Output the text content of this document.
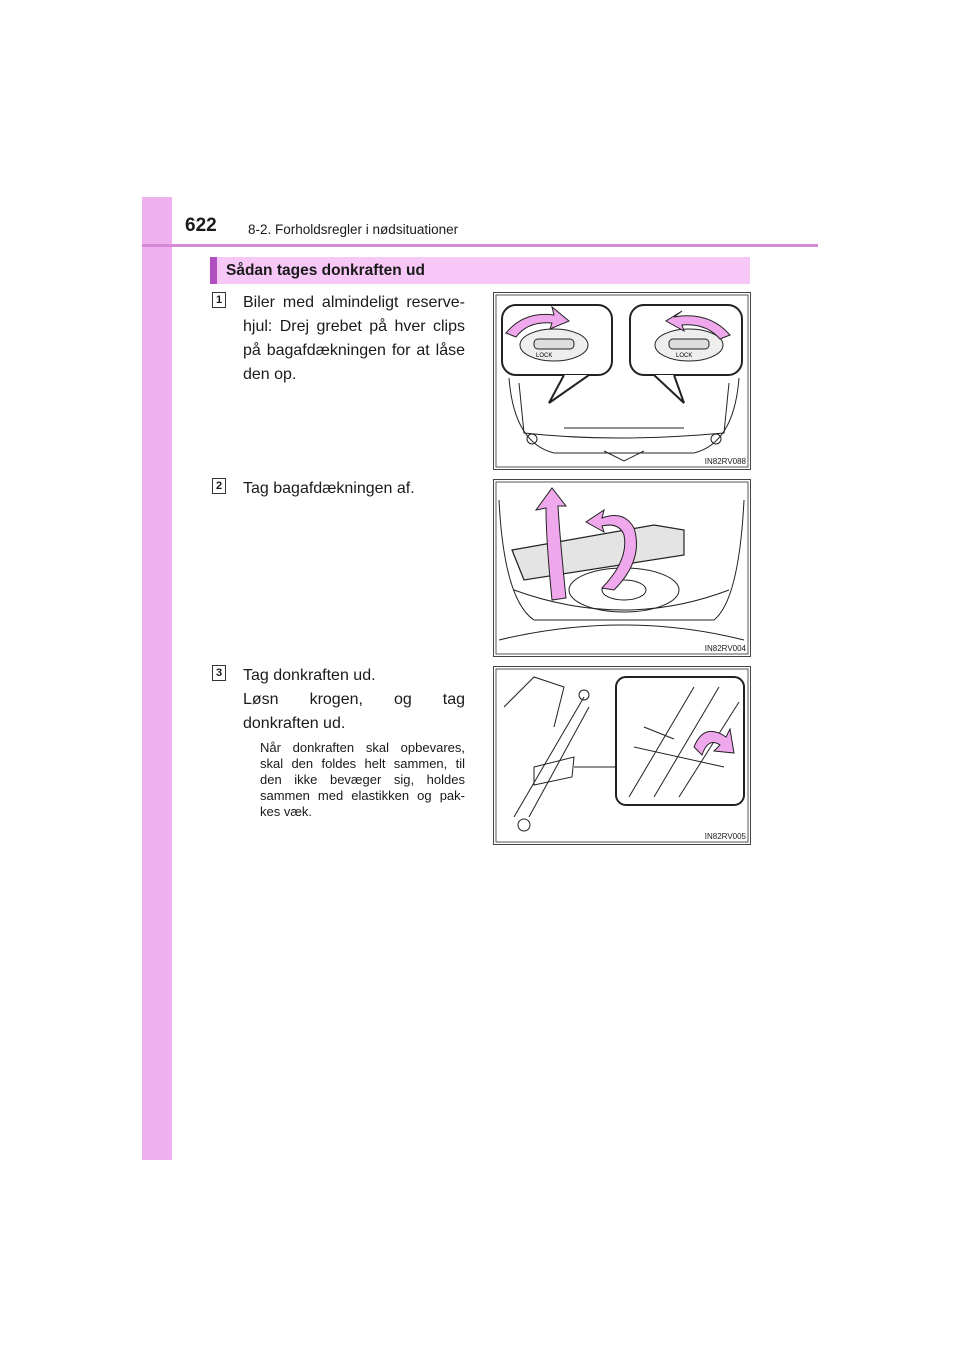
622 8-2. Forholdsregler i nødsituationer
Sådan tages donkraften ud
1 Biler med almindeligt reserve-hjul: Drej grebet på hver clips på bagafdækningen for at låse den op.
LOCK	LOCK
IN82RV088
2 Tag bagafdækningen af.
IN82RV004
3 Tag donkraften ud.
Løsn krogen, og tag donkraften ud.
Når donkraften skal opbevares, skal den foldes helt sammen, til den ikke bevæger sig, holdes sammen med elastikken og pak-kes væk.
IN82RV005
